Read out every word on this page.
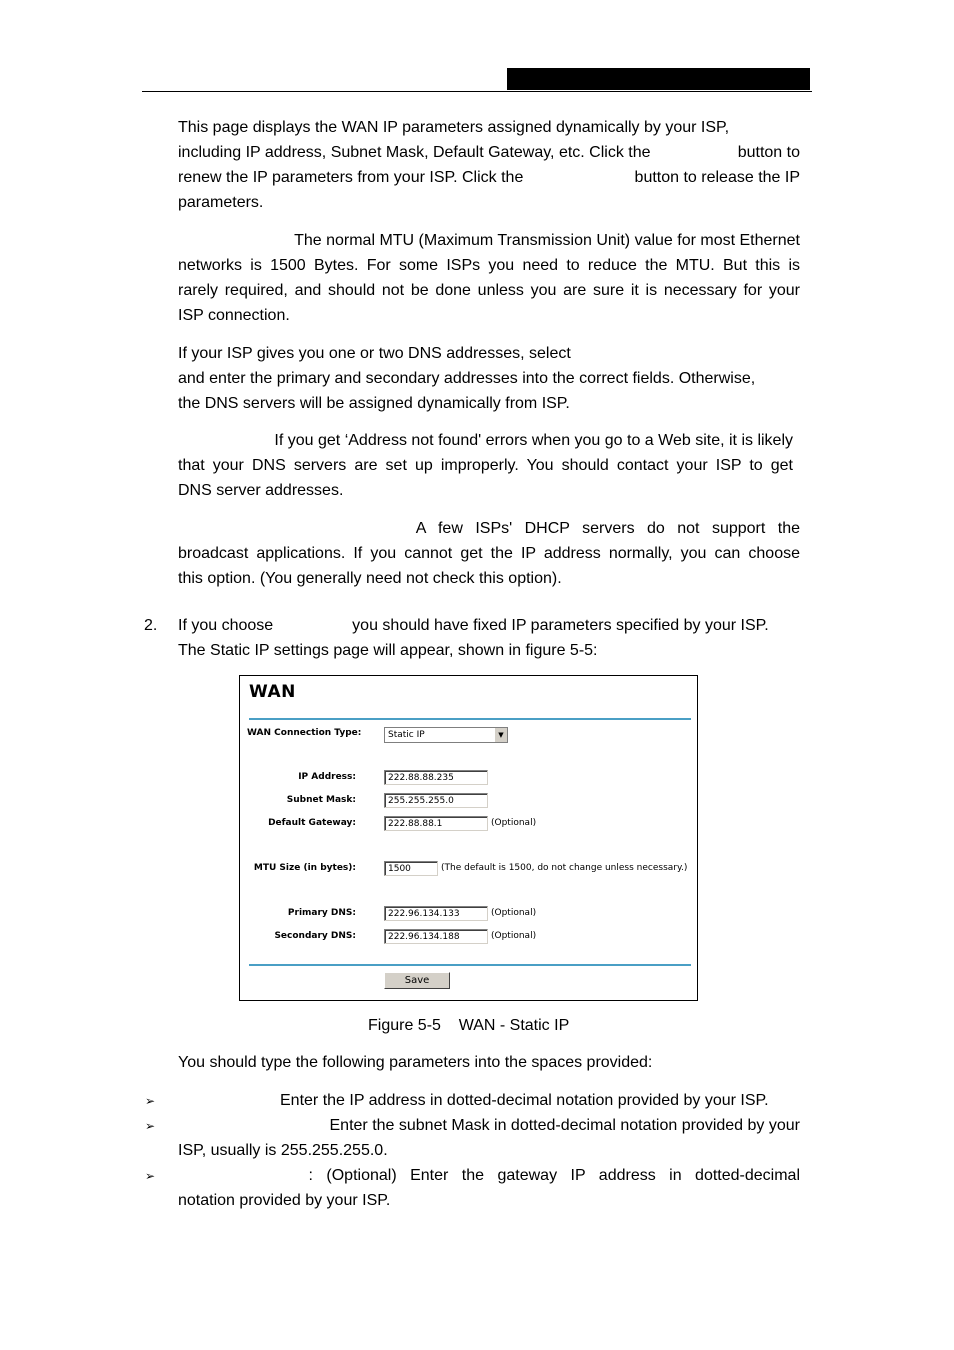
This page displays the WAN IP parameters assigned dynamically by your ISP,
including IP address, Subnet Mask, Default Gateway, etc. Click the	button to
renew the IP parameters from your ISP. Click the	button to release the IP
parameters.
The normal MTU (Maximum Transmission Unit) value for most Ethernet
networks is 1500 Bytes. For some ISPs you need to reduce the MTU. But this is
rarely required, and should not be done unless you are sure it is necessary for your
ISP connection.
If your ISP gives you one or two DNS addresses, select
and enter the primary and secondary addresses into the correct fields. Otherwise,
the DNS servers will be assigned dynamically from ISP.
If you get ‘Address not found' errors when you go to a Web site, it is likely
that your DNS servers are set up improperly. You should contact your ISP to get
DNS server addresses.
A few ISPs' DHCP servers do not support the
broadcast applications. If you cannot get the IP address normally, you can choose
this option. (You generally need not check this option).
2. If you choose	you should have fixed IP parameters specified by your ISP.
The Static IP settings page will appear, shown in figure 5-5:
WAN
WAN Connection Type:	Static IP	▼
IP Address:	222.88.88.235
Subnet Mask:	255.255.255.0
Default Gateway:	222.88.88.1	(Optional)
MTU Size (in bytes):	1500	(The default is 1500, do not change unless necessary.)
Primary DNS:	222.96.134.133	(Optional)
Secondary DNS:	222.96.134.188	(Optional)
Save
Figure 5-5    WAN - Static IP
You should type the following parameters into the spaces provided:
➢	Enter the IP address in dotted-decimal notation provided by your ISP.
➢	Enter the subnet Mask in dotted-decimal notation provided by your
ISP, usually is 255.255.255.0.
➢	: (Optional) Enter the gateway IP address in dotted-decimal
notation provided by your ISP.
